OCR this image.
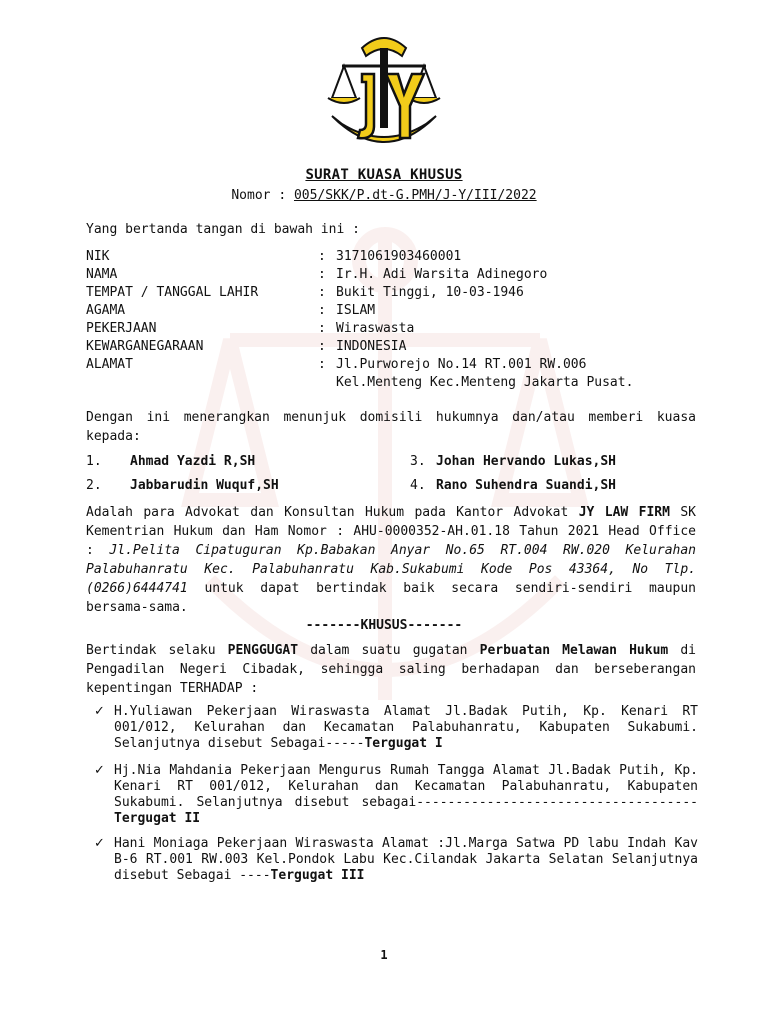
SURAT KUASA KHUSUS
Nomor : 005/SKK/P.dt-G.PMH/J-Y/III/2022
Yang bertanda tangan di bawah ini :
NIK	:	3171061903460001
NAMA	:	Ir.H. Adi Warsita Adinegoro
TEMPAT / TANGGAL LAHIR	:	Bukit Tinggi, 10-03-1946
AGAMA	:	ISLAM
PEKERJAAN	:	Wiraswasta
KEWARGANEGARAAN	:	INDONESIA
ALAMAT	:	Jl.Purworejo No.14 RT.001 RW.006
Kel.Menteng Kec.Menteng Jakarta Pusat.
Dengan ini menerangkan menunjuk domisili hukumnya dan/atau memberi kuasa kepada:
1. Ahmad Yazdi R,SH
2. Jabbarudin Wuquf,SH
3. Johan Hervando Lukas,SH
4. Rano Suhendra Suandi,SH
Adalah para Advokat dan Konsultan Hukum pada Kantor Advokat JY LAW FIRM SK Kementrian Hukum dan Ham Nomor : AHU-0000352-AH.01.18 Tahun 2021 Head Office : Jl.Pelita Cipatuguran Kp.Babakan Anyar No.65 RT.004 RW.020 Kelurahan Palabuhanratu Kec. Palabuhanratu Kab.Sukabumi Kode Pos 43364, No Tlp.(0266)6444741 untuk dapat bertindak baik secara sendiri-sendiri maupun bersama-sama.
-------KHUSUS-------
Bertindak selaku PENGGUGAT dalam suatu gugatan Perbuatan Melawan Hukum di Pengadilan Negeri Cibadak, sehingga saling berhadapan dan berseberangan kepentingan TERHADAP :
✓ H.Yuliawan Pekerjaan Wiraswasta Alamat Jl.Badak Putih, Kp. Kenari RT 001/012, Kelurahan dan Kecamatan Palabuhanratu, Kabupaten Sukabumi. Selanjutnya disebut Sebagai-----Tergugat I
✓ Hj.Nia Mahdania Pekerjaan Mengurus Rumah Tangga Alamat Jl.Badak Putih, Kp. Kenari RT 001/012, Kelurahan dan Kecamatan Palabuhanratu, Kabupaten Sukabumi. Selanjutnya disebut sebagai------------------------------------Tergugat II
✓ Hani Moniaga Pekerjaan Wiraswasta Alamat :Jl.Marga Satwa PD labu Indah Kav B-6 RT.001 RW.003 Kel.Pondok Labu Kec.Cilandak Jakarta Selatan Selanjutnya disebut Sebagai ----Tergugat III
1
